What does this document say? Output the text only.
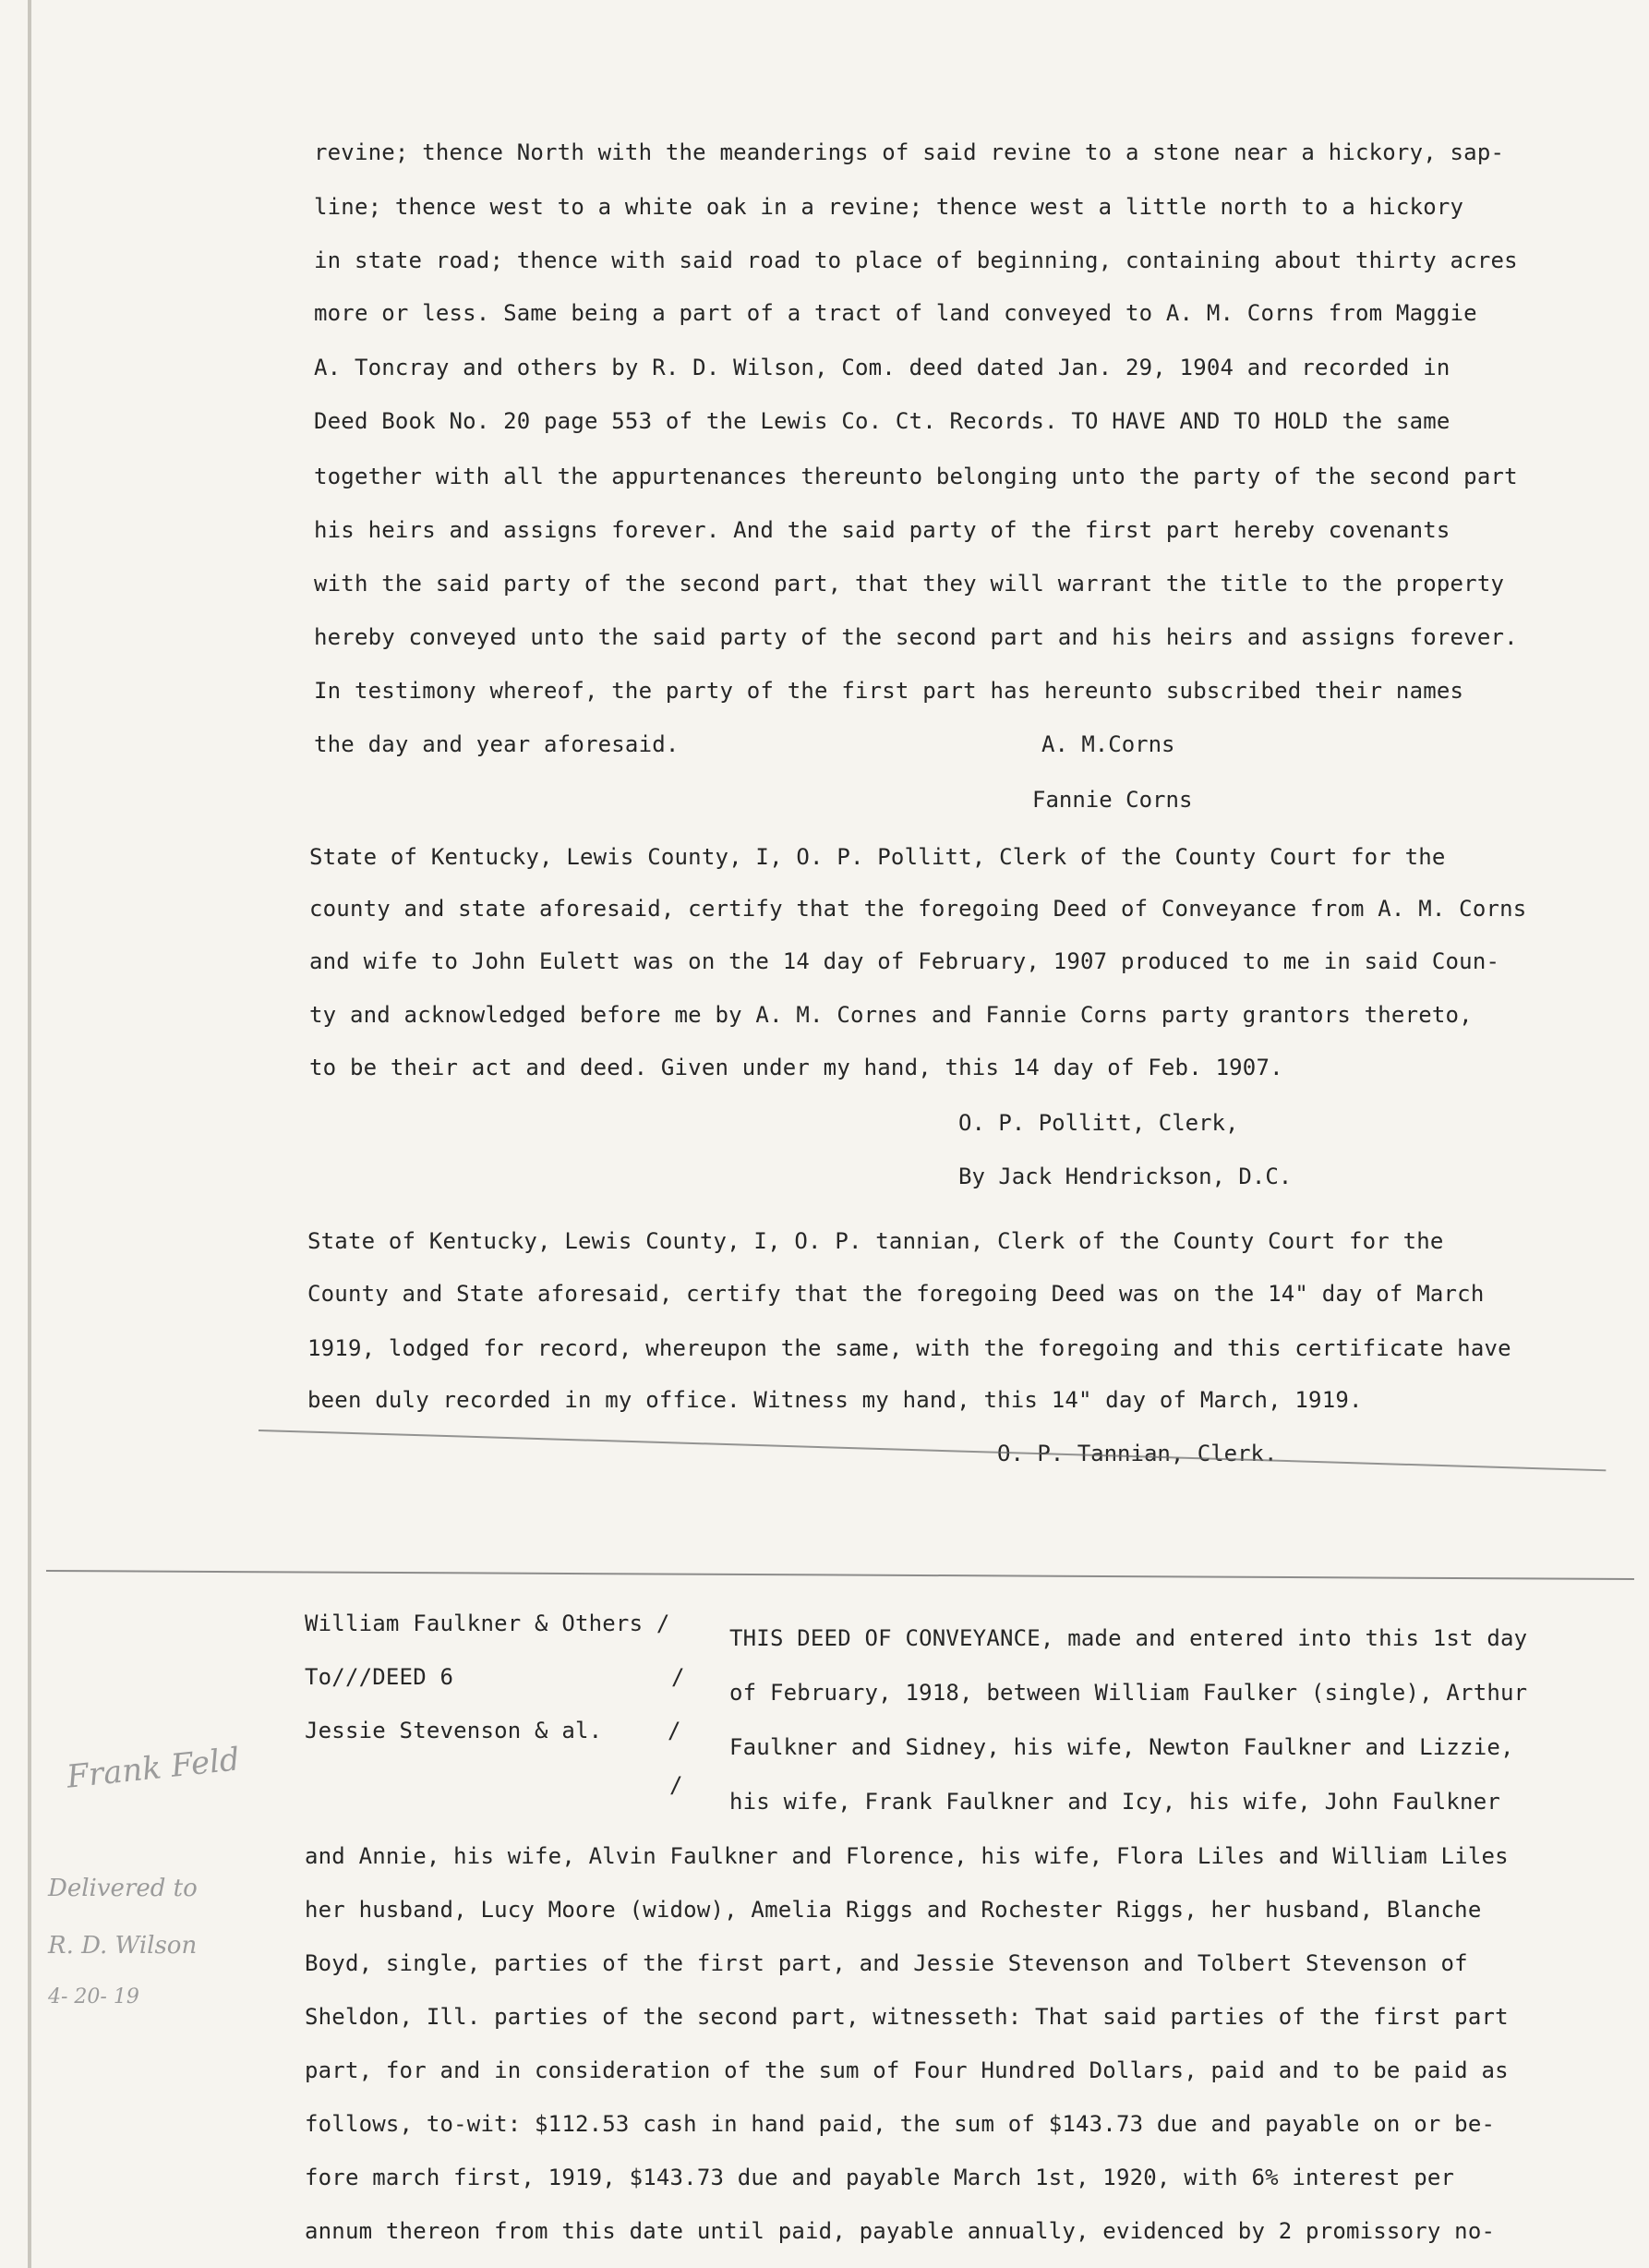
revine; thence North with the meanderings of said revine to a stone near a hickory, sap-
line; thence west to a white oak in a revine; thence west a little north to a hickory
in state road; thence with said road to place of beginning, containing about thirty acres
more or less. Same being a part of a tract of land conveyed to A. M. Corns from Maggie
A. Toncray and others by R. D. Wilson, Com. deed dated Jan. 29, 1904 and recorded in
Deed Book No. 20 page 553 of the Lewis Co. Ct. Records. TO HAVE AND TO HOLD the same
together with all the appurtenances thereunto belonging unto the party of the second part
his heirs and assigns forever. And the said party of the first part hereby covenants
with the said party of the second part, that they will warrant the title to the property
hereby conveyed unto the said party of the second part and his heirs and assigns forever.
In testimony whereof, the party of the first part has hereunto subscribed their names
the day and year aforesaid.	A. M.Corns
Fannie Corns
State of Kentucky, Lewis County, I, O. P. Pollitt, Clerk of the County Court for the
county and state aforesaid, certify that the foregoing Deed of Conveyance from A. M. Corns
and wife to John Eulett was on the 14 day of February, 1907 produced to me in said Coun-
ty and acknowledged before me by A. M. Cornes and Fannie Corns party grantors thereto,
to be their act and deed. Given under my hand, this 14 day of Feb. 1907.
O. P. Pollitt, Clerk,
By Jack Hendrickson, D.C.
State of Kentucky, Lewis County, I, O. P. tannian, Clerk of the County Court for the
County and State aforesaid, certify that the foregoing Deed was on the 14" day of March
1919, lodged for record, whereupon the same, with the foregoing and this certificate have
been duly recorded in my office. Witness my hand, this 14" day of March, 1919.
O. P. Tannian, Clerk.
William Faulkner & Others /
To///DEED 6
Jessie Stevenson & al.
/
/
/
THIS DEED OF CONVEYANCE, made and entered into this 1st day
of February, 1918, between William Faulker (single), Arthur
Faulkner and Sidney, his wife, Newton Faulkner and Lizzie,
his wife, Frank Faulkner and Icy, his wife, John Faulkner
and Annie, his wife, Alvin Faulkner and Florence, his wife, Flora Liles and William Liles
her husband, Lucy Moore (widow), Amelia Riggs and Rochester Riggs, her husband, Blanche
Boyd, single, parties of the first part, and Jessie Stevenson and Tolbert Stevenson of
Sheldon, Ill. parties of the second part, witnesseth: That said parties of the first part
part, for and in consideration of the sum of Four Hundred Dollars, paid and to be paid as
follows, to-wit: $112.53 cash in hand paid, the sum of $143.73 due and payable on or be-
fore march first, 1919, $143.73 due and payable March 1st, 1920, with 6% interest per
annum thereon from this date until paid, payable annually, evidenced by 2 promissory no-
Frank Feld
Delivered to
R. D. Wilson
4- 20- 19
